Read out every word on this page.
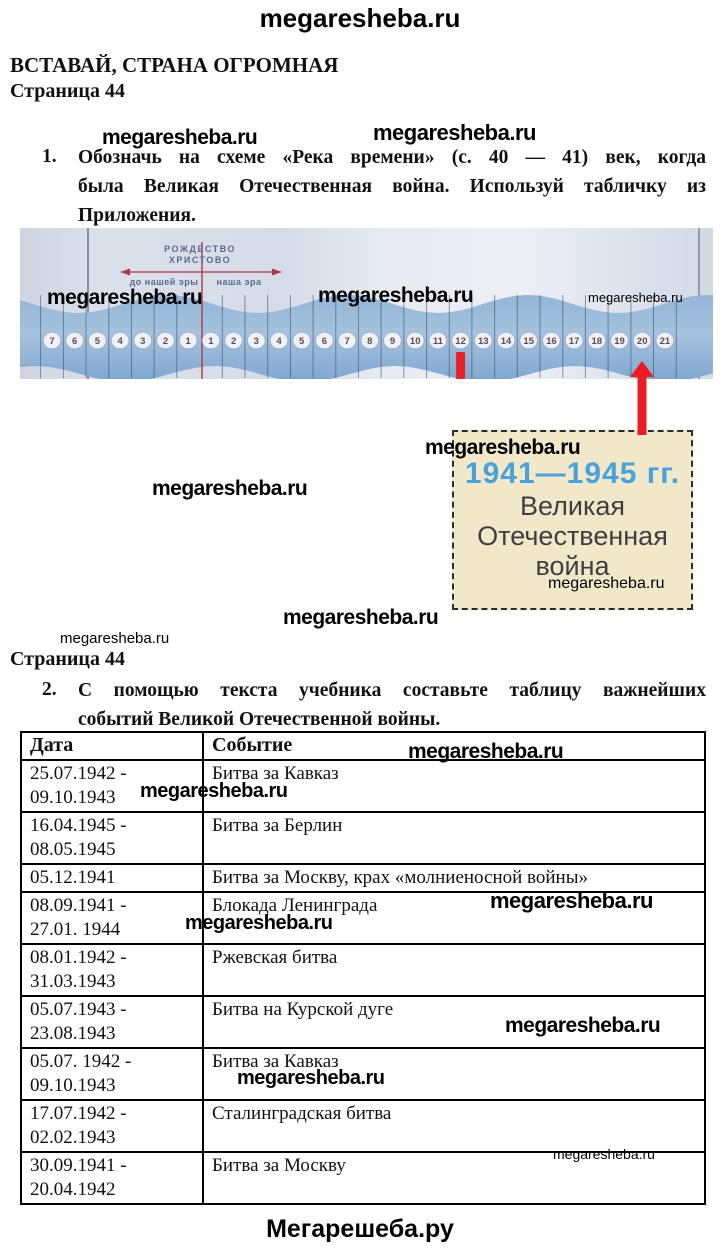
megaresheba.ru
ВСТАВАЙ, СТРАНА ОГРОМНАЯ
Страница 44
1. Обозначь на схеме «Река времени» (с. 40 — 41) век, когда
была Великая Отечественная война. Используй табличку из
Приложения.
7 6 5 4 3 2 1 1 2 3 4 5 6 7 8 9 10 11 12 13 14 15 16 17 18 19 20 21
РОЖДЕСТВО
ХРИСТОВО
до нашей эры наша эра
1941—1945 гг.
Великая
Отечественная
война
Страница 44
2. С помощью текста учебника составьте таблицу важнейших
событий Великой Отечественной войны.
Дата	Событие

25.07.1942 -
09.10.1943	Битва за Кавказ

16.04.1945 -
08.05.1945	Битва за Берлин

05.12.1941	Битва за Москву, крах «молниеносной войны»

08.09.1941 -
27.01. 1944	Блокада Ленинграда

08.01.1942 -
31.03.1943	Ржевская битва

05.07.1943 -
23.08.1943	Битва на Курской дуге

05.07. 1942 -
09.10.1943	Битва за Кавказ

17.07.1942 -
02.02.1943	Сталинградская битва

30.09.1941 -
20.04.1942	Битва за Москву
Мегарешеба.ру
megaresheba.ru	megaresheba.ru
megaresheba.ru	megaresheba.ru	megaresheba.ru
megaresheba.ru
megaresheba.ru
megaresheba.ru
megaresheba.ru
megaresheba.ru
megaresheba.ru
megaresheba.ru
megaresheba.ru
megaresheba.ru
megaresheba.ru
megaresheba.ru
megaresheba.ru
